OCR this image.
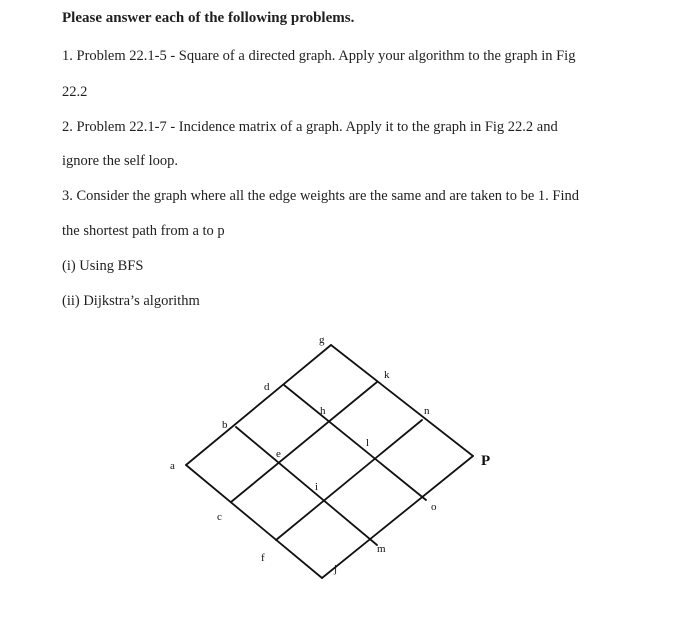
Please answer each of the following problems.
1. Problem 22.1-5 - Square of a directed graph. Apply your algorithm to the graph in Fig
22.2
2. Problem 22.1-7 - Incidence matrix of a graph. Apply it to the graph in Fig 22.2 and
ignore the self loop.
3. Consider the graph where all the edge weights are the same and are taken to be 1. Find
the shortest path from a to p
(i) Using BFS
(ii) Dijkstra’s algorithm
a
b
c
d
e
f
g
h
i
j
k
l
m
n
o
P
